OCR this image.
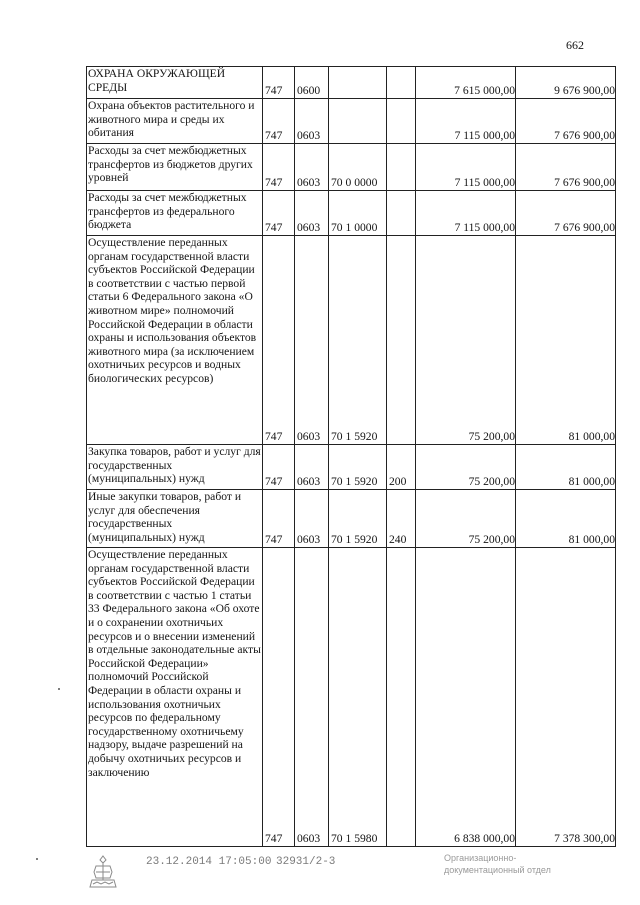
662
ОХРАНА ОКРУЖАЮЩЕЙ СРЕДЫ	747	0600			7 615 000,00	9 676 900,00
Охрана объектов растительного и животного мира и среды их обитания	747	0603			7 115 000,00	7 676 900,00
Расходы за счет межбюджетных трансфертов из бюджетов других уровней	747	0603	70 0 0000		7 115 000,00	7 676 900,00
Расходы за счет межбюджетных трансфертов из федерального бюджета	747	0603	70 1 0000		7 115 000,00	7 676 900,00
Осуществление переданных органам государственной власти субъектов Российской Федерации в соответствии с частью первой статьи 6 Федерального закона «О животном мире» полномочий Российской Федерации в области охраны и использования объектов животного мира (за исключением охотничьих ресурсов и водных биологических ресурсов)	747	0603	70 1 5920		75 200,00	81 000,00
Закупка товаров, работ и услуг для государственных (муниципальных) нужд	747	0603	70 1 5920	200	75 200,00	81 000,00
Иные закупки товаров, работ и услуг для обеспечения государственных (муниципальных) нужд	747	0603	70 1 5920	240	75 200,00	81 000,00
Осуществление переданных органам государственной власти субъектов Российской Федерации в соответствии с частью 1 статьи 33 Федерального закона «Об охоте и о сохранении охотничьих ресурсов и о внесении изменений в отдельные законодательные акты Российской Федерации» полномочий Российской Федерации в области охраны и использования охотничьих ресурсов по федеральному государственному охотничьему надзору, выдаче разрешений на добычу охотничьих ресурсов и заключению	747	0603	70 1 5980		6 838 000,00	7 378 300,00
23.12.2014 17:05:00 32931/2-3	Организационно-
документационный отдел
